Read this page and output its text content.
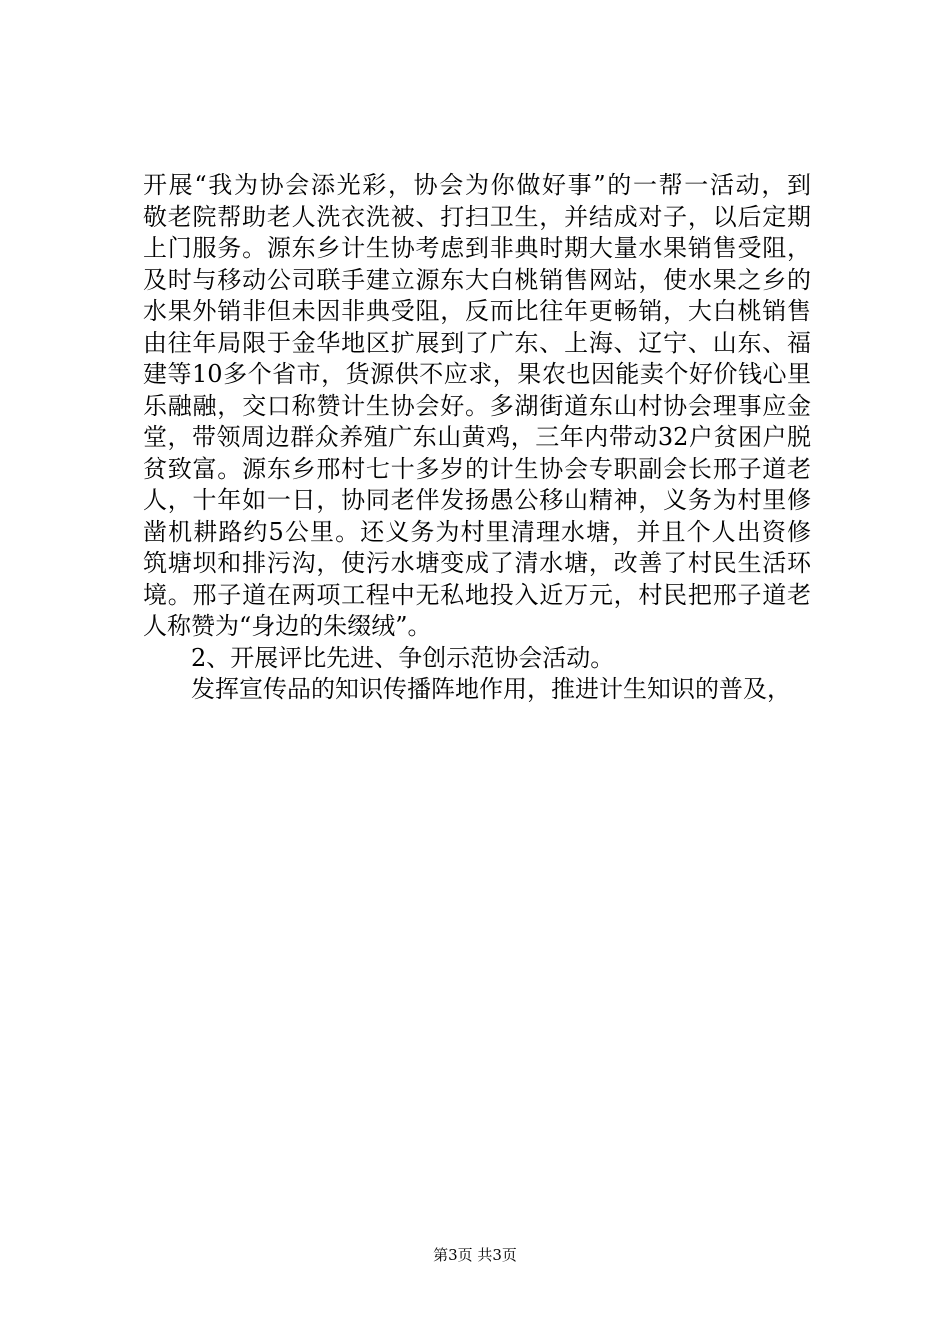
开展“我为协会添光彩，协会为你做好事”的一帮一活动，到
敬老院帮助老人洗衣洗被、打扫卫生，并结成对子，以后定期
上门服务。源东乡计生协考虑到非典时期大量水果销售受阻，
及时与移动公司联手建立源东大白桃销售网站，使水果之乡的
水果外销非但未因非典受阻，反而比往年更畅销，大白桃销售
由往年局限于金华地区扩展到了广东、上海、辽宁、山东、福
建等10多个省市，货源供不应求，果农也因能卖个好价钱心里
乐融融，交口称赞计生协会好。多湖街道东山村协会理事应金
堂，带领周边群众养殖广东山黄鸡，三年内带动32户贫困户脱
贫致富。源东乡邢村七十多岁的计生协会专职副会长邢子道老
人，十年如一日，协同老伴发扬愚公移山精神，义务为村里修
凿机耕路约5公里。还义务为村里清理水塘，并且个人出资修
筑塘坝和排污沟，使污水塘变成了清水塘，改善了村民生活环
境。邢子道在两项工程中无私地投入近万元，村民把邢子道老
人称赞为“身边的朱缀绒”。
2、开展评比先进、争创示范协会活动。
发挥宣传品的知识传播阵地作用，推进计生知识的普及，
第3页 共3页
